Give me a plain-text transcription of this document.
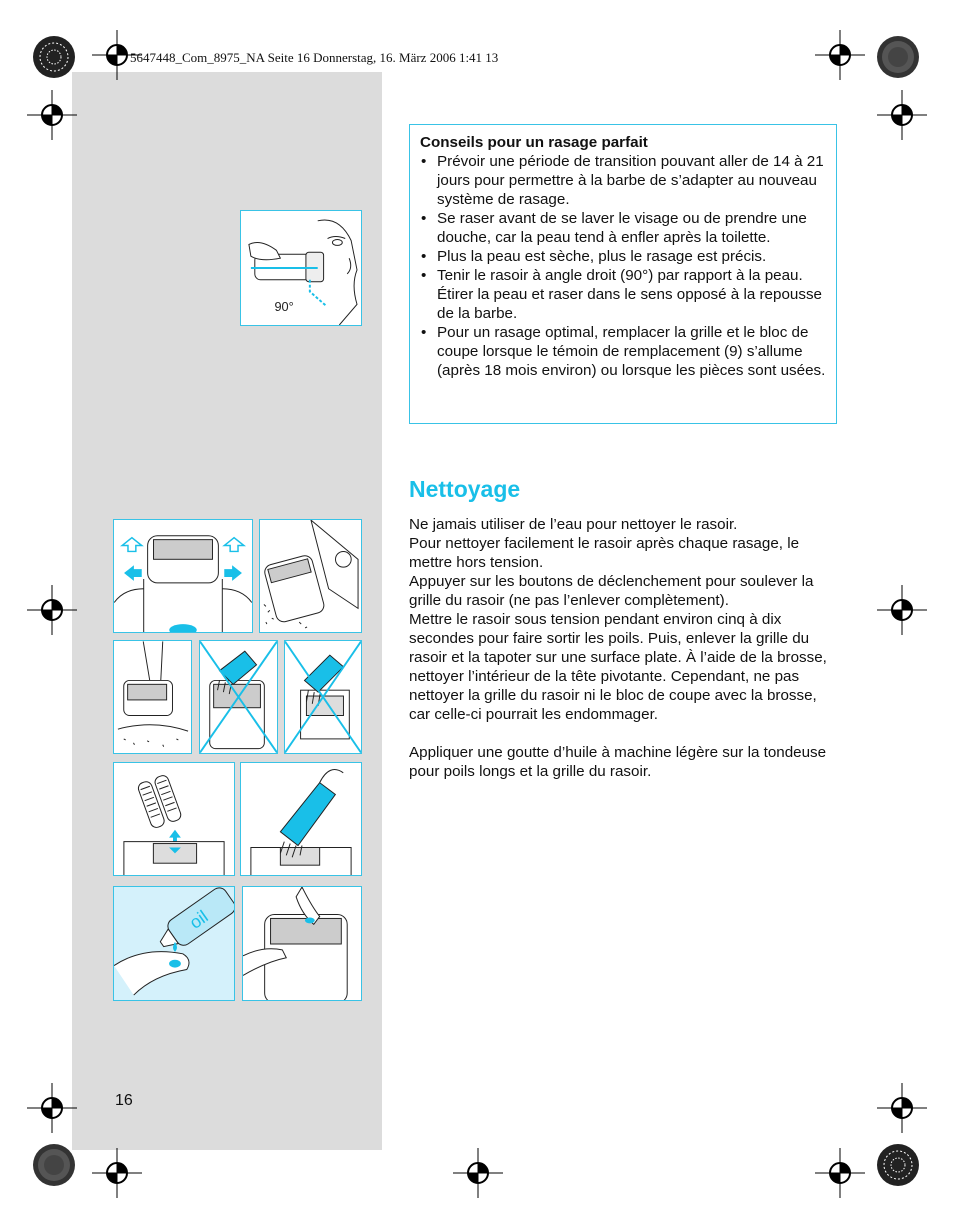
5647448_Com_8975_NA Seite 16 Donnerstag, 16. März 2006 1:41 13
Conseils pour un rasage parfait
• Prévoir une période de transition pouvant aller de 14 à 21 jours pour permettre à la barbe de s’adapter au nouveau système de rasage.
• Se raser avant de se laver le visage ou de prendre une douche, car la peau tend à enfler après la toilette.
• Plus la peau est sèche, plus le rasage est précis.
• Tenir le rasoir à angle droit (90°) par rapport à la peau. Étirer la peau et raser dans le sens opposé à la repousse de la barbe.
• Pour un rasage optimal, remplacer la grille et le bloc de coupe lorsque le témoin de remplacement (9) s’allume (après 18 mois environ) ou lorsque les pièces sont usées.
Nettoyage

Ne jamais utiliser de l’eau pour nettoyer le rasoir.

Pour nettoyer facilement le rasoir après chaque rasage, le mettre hors tension.

Appuyer sur les boutons de déclenchement pour soulever la grille du rasoir (ne pas l’enlever complètement).

Mettre le rasoir sous tension pendant environ cinq à dix secondes pour faire sortir les poils. Puis, enlever la grille du rasoir et la tapoter sur une surface plate. À l’aide de la brosse, nettoyer l’intérieur de la tête pivotante. Cependant, ne pas nettoyer la grille du rasoir ni le bloc de coupe avec la brosse, car celle-ci pourrait les endommager.

Appliquer une goutte d’huile à machine légère sur la tondeuse pour poils longs et la grille du rasoir.

16
90°
oil
